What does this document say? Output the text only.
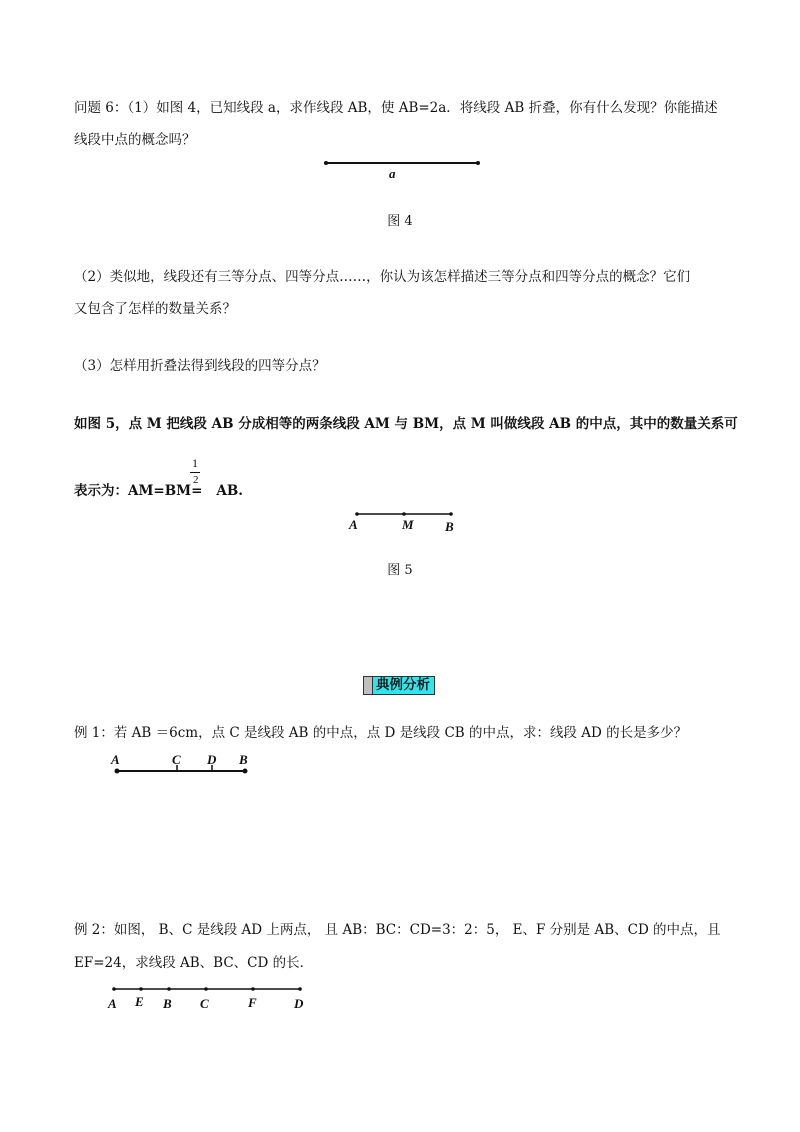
问题 6：（1）如图 4，已知线段 a，求作线段 AB，使 AB=2a．将线段 AB 折叠，你有什么发现？你能描述
线段中点的概念吗？
a
图 4
（2）类似地，线段还有三等分点、四等分点……，你认为该怎样描述三等分点和四等分点的概念？它们
又包含了怎样的数量关系？
（3）怎样用折叠法得到线段的四等分点？
如图 5，点 M 把线段 AB 分成相等的两条线段 AM 与 BM，点 M 叫做线段 AB 的中点，其中的数量关系可
1
2
表示为：AM=BM= AB.
A	M B
图 5
典例分析
例 1：若 AB ＝6cm，点 C 是线段 AB 的中点，点 D 是线段 CB 的中点，求：线段 AD 的长是多少？
A	C D B
例 2：如图， B、C 是线段 AD 上两点， 且 AB：BC：CD=3：2：5， E、F 分别是 AB、CD 的中点，且
EF=24，求线段 AB、BC、CD 的长．
A E B C	F	D
